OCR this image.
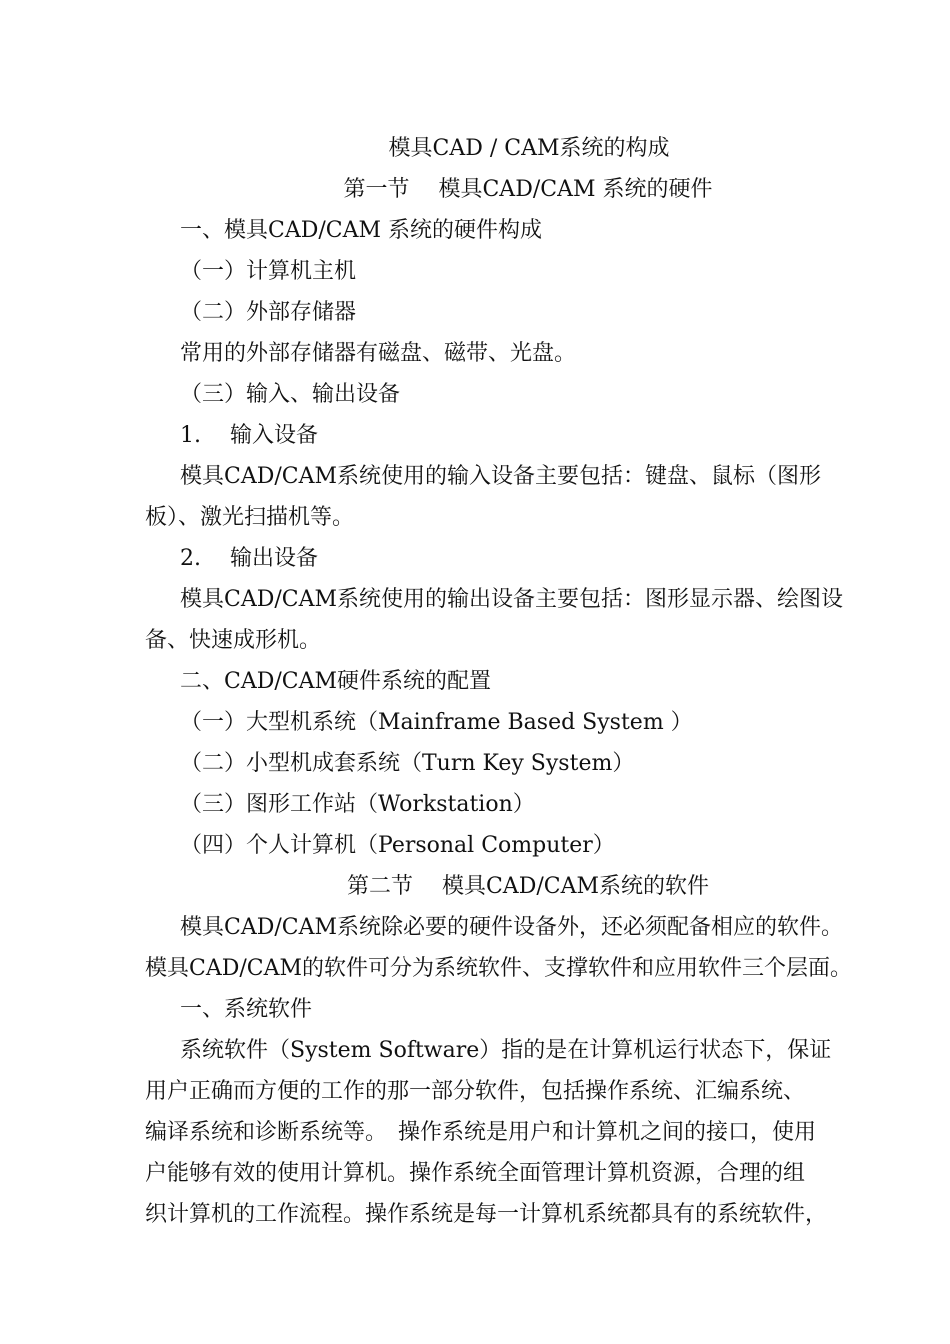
模具CAD / CAM系统的构成
第一节　 模具CAD/CAM 系统的硬件
一、模具CAD/CAM 系统的硬件构成
（一）计算机主机
（二）外部存储器
常用的外部存储器有磁盘、磁带、光盘。
（三）输入、输出设备
1.　 输入设备
模具CAD/CAM系统使用的输入设备主要包括：键盘、鼠标（图形
板）、激光扫描机等。
2.　 输出设备
模具CAD/CAM系统使用的输出设备主要包括：图形显示器、绘图设
备、快速成形机。
二、CAD/CAM硬件系统的配置
（一）大型机系统（Mainframe Based System ）
（二）小型机成套系统（Turn Key System）
（三）图形工作站（Workstation）
（四）个人计算机（Personal Computer）
第二节　 模具CAD/CAM系统的软件
模具CAD/CAM系统除必要的硬件设备外，还必须配备相应的软件。
模具CAD/CAM的软件可分为系统软件、支撑软件和应用软件三个层面。
一、系统软件
系统软件（System Software）指的是在计算机运行状态下，保证
用户正确而方便的工作的那一部分软件，包括操作系统、汇编系统、
编译系统和诊断系统等。　操作系统是用户和计算机之间的接口，使用
户能够有效的使用计算机。操作系统全面管理计算机资源，合理的组
织计算机的工作流程。操作系统是每一计算机系统都具有的系统软件，
